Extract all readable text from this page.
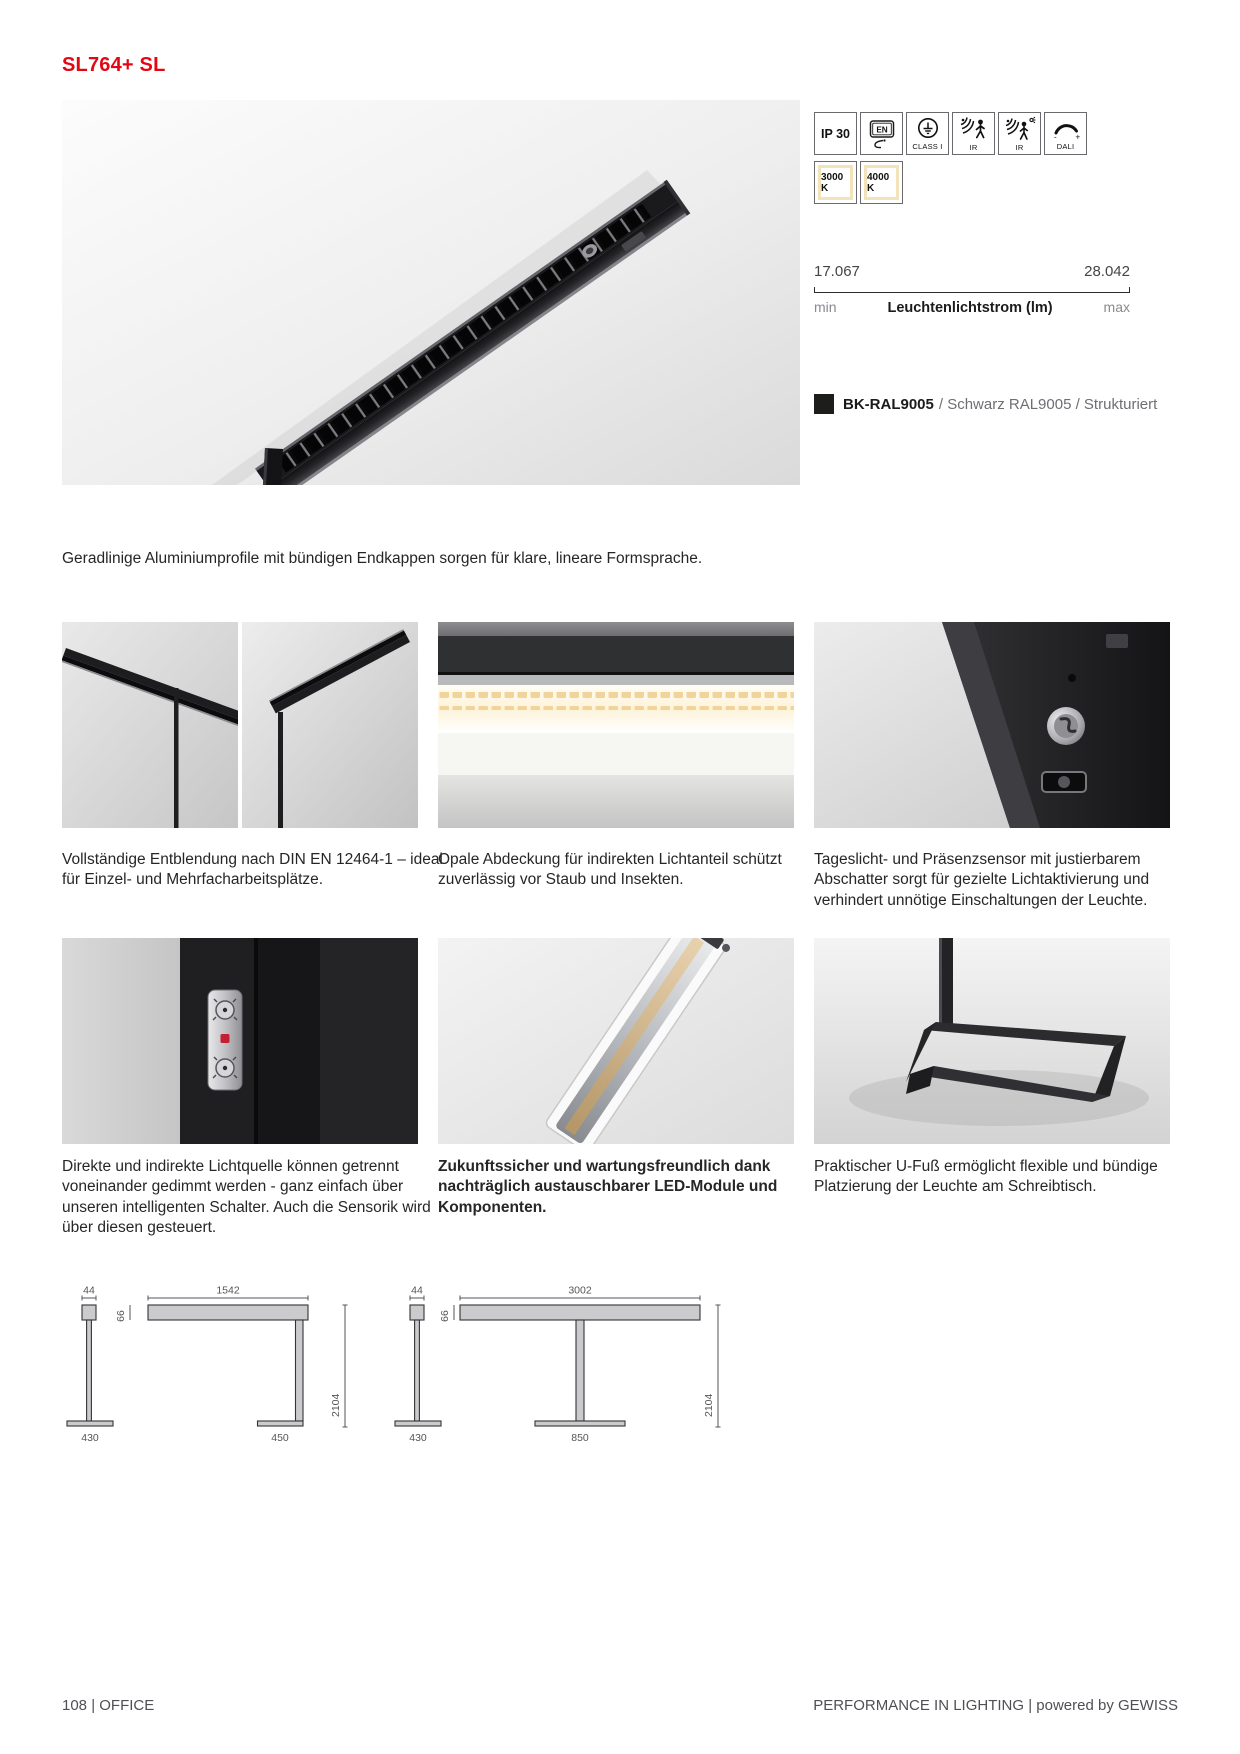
SL764+ SL
IP 30	EN
CLASS I	IR	IR
- +
DALI
3000 K
4000 K
17.067	28.042
min	Leuchtenlichtstrom (lm)	max
BK-RAL9005 / Schwarz RAL9005 / Strukturiert
Geradlinige Aluminiumprofile mit bündigen Endkappen sorgen für klare, lineare Formsprache.
Vollständige Entblendung nach DIN EN 12464-1 – ideal für Einzel- und Mehrfacharbeitsplätze.
Opale Abdeckung für indirekten Lichtanteil schützt zuverlässig vor Staub und Insekten.
Tageslicht- und Präsenzsensor mit justierbarem Abschatter sorgt für gezielte Lichtaktivierung und verhindert unnötige Einschaltungen der Leuchte.
Direkte und indirekte Lichtquelle können getrennt voneinander gedimmt werden - ganz einfach über unseren intelligenten Schalter. Auch die Sensorik wird über diesen gesteuert.
Zukunftssicher und wartungsfreundlich dank nachträglich austauschbarer LED-Module und Komponenten.
Praktischer U-Fuß ermöglicht flexible und bündige Platzierung der Leuchte am Schreibtisch.
44	1542
66
2104
430	450
44	3002
66
2104
430	850
108 | OFFICE	PERFORMANCE IN LIGHTING | powered by GEWISS
